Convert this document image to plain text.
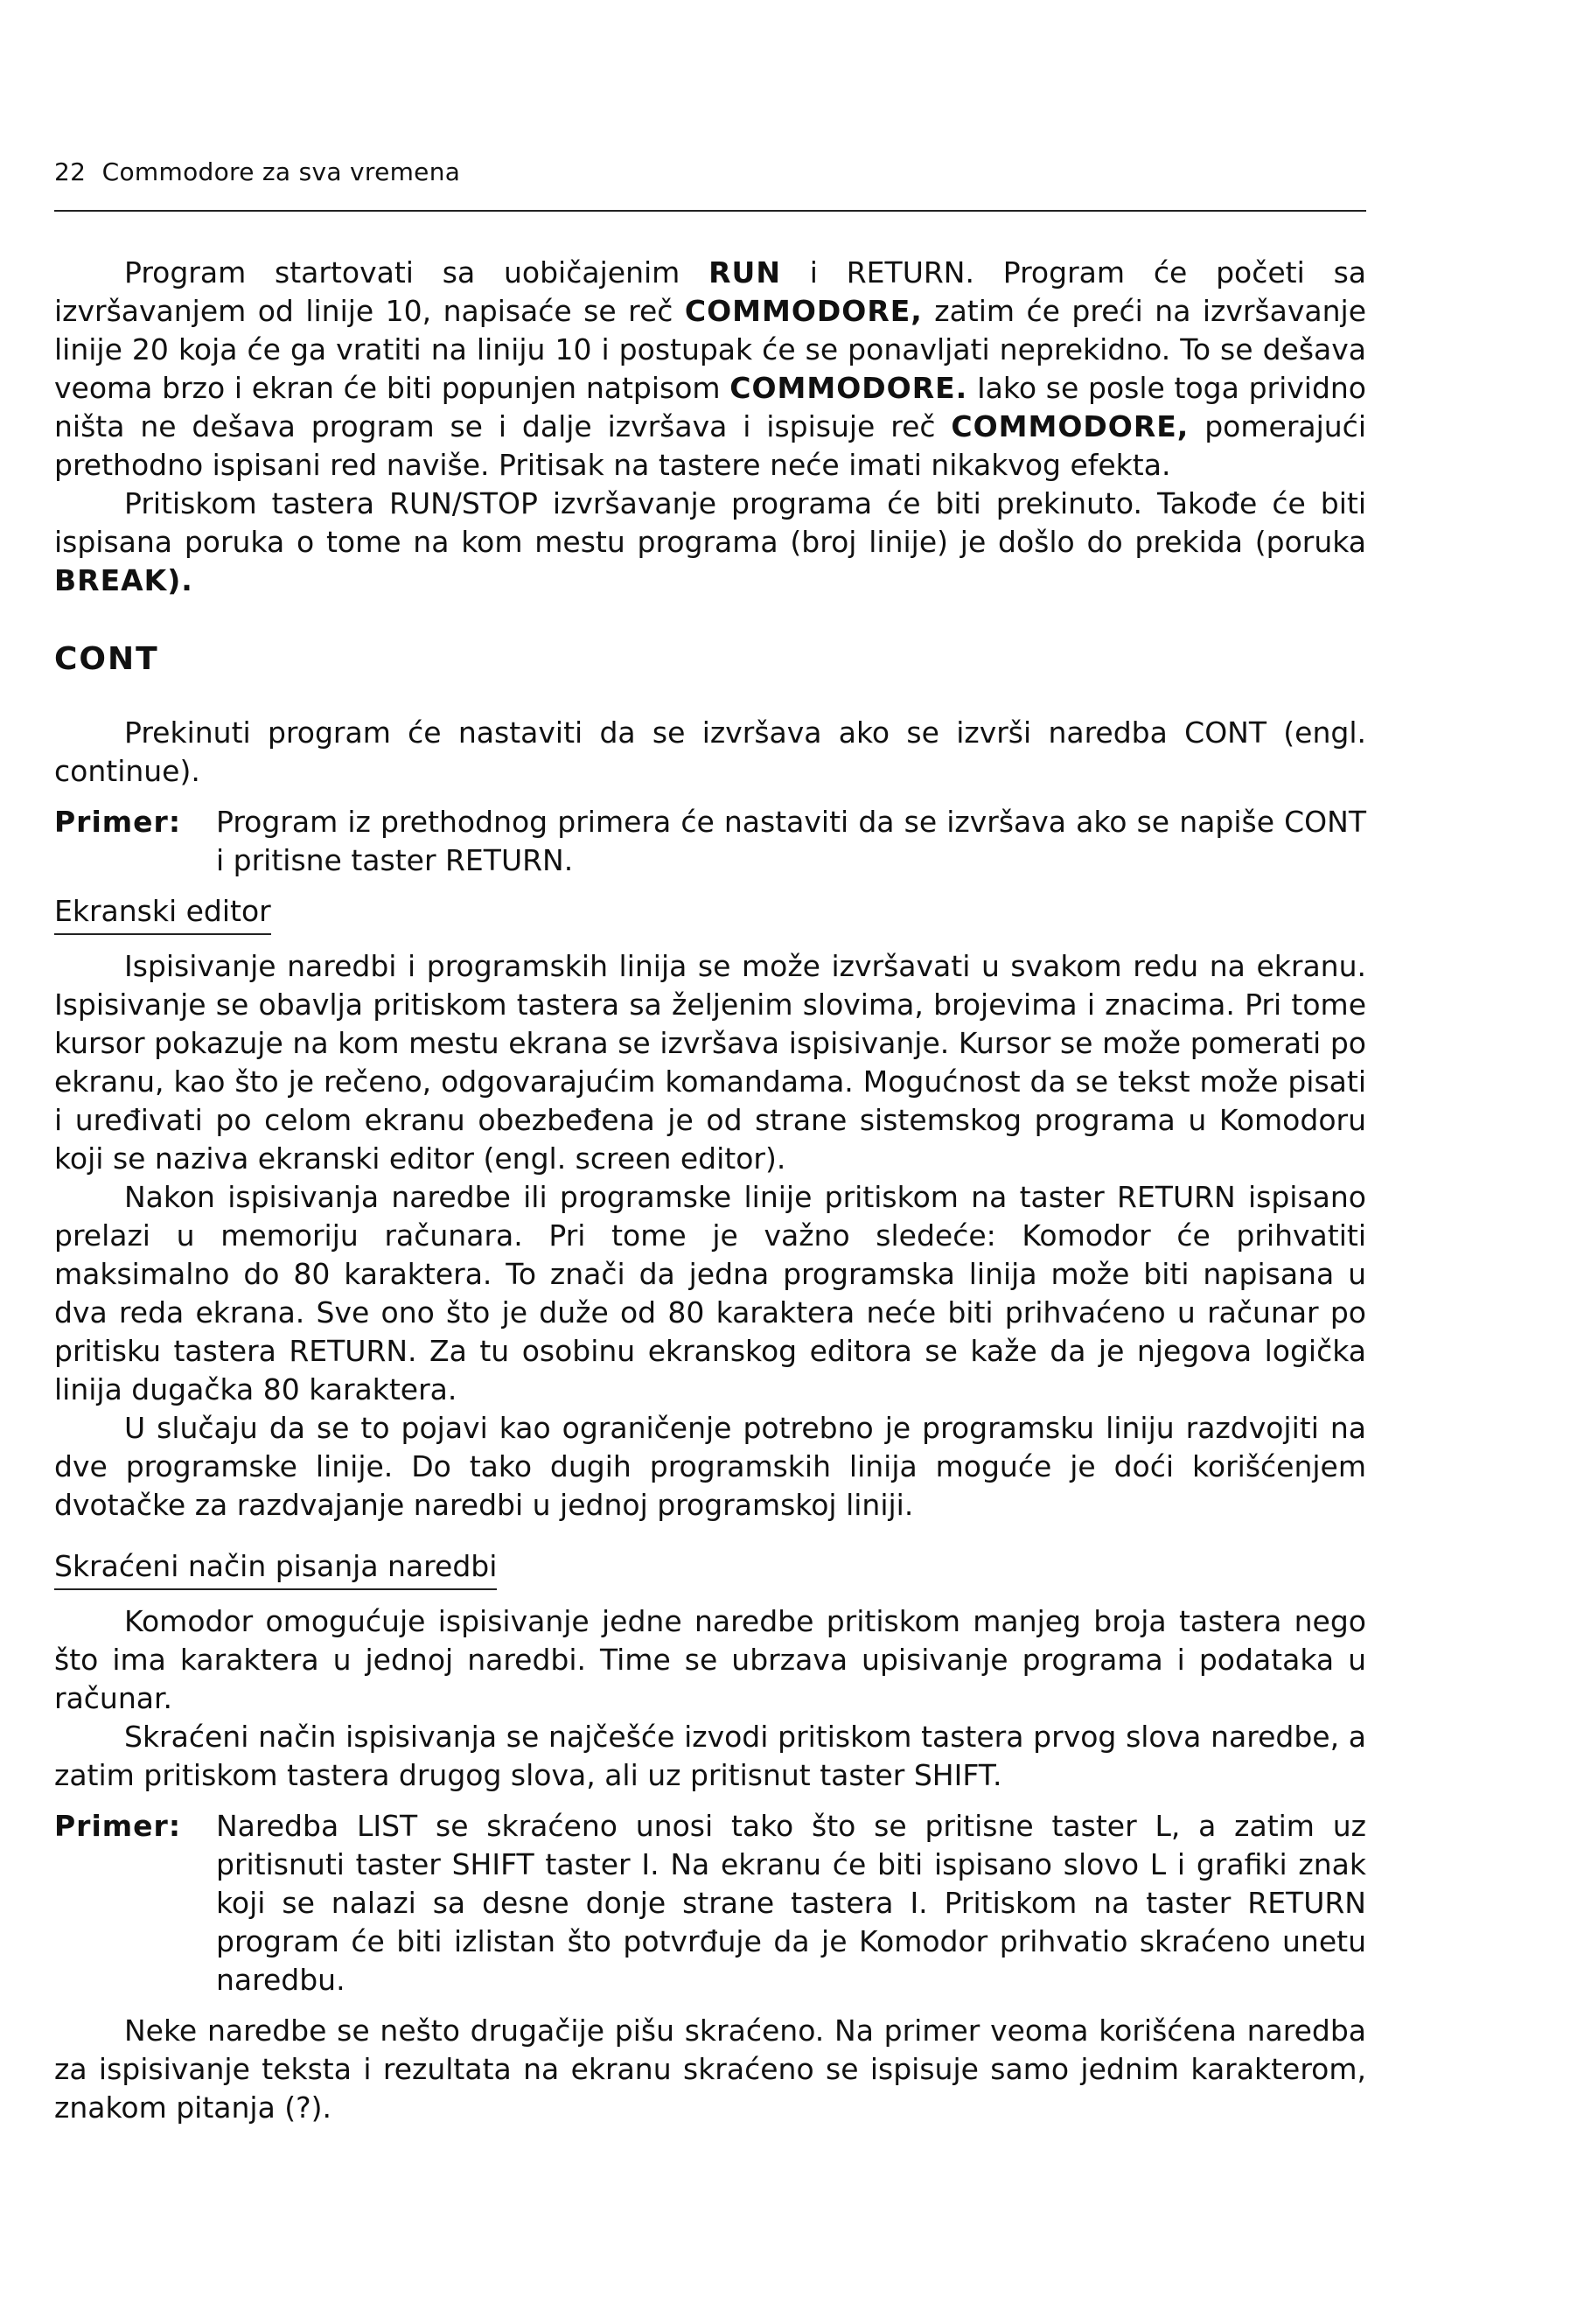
22 Commodore za sva vremena

Program startovati sa uobičajenim RUN i RETURN. Program će početi sa izvršavanjem od linije 10, napisaće se reč COMMODORE, zatim će preći na izvršavanje linije 20 koja će ga vratiti na liniju 10 i postupak će se ponavljati neprekidno. To se dešava veoma brzo i ekran će biti popunjen natpisom COMMODORE. Iako se posle toga prividno ništa ne dešava program se i dalje izvršava i ispisuje reč COMMODORE, pomerajući prethodno ispisani red naviše. Pritisak na tastere neće imati nikakvog efekta.

Pritiskom tastera RUN/STOP izvršavanje programa će biti prekinuto. Takođe će biti ispisana poruka o tome na kom mestu programa (broj linije) je došlo do prekida (poruka BREAK).

CONT

Prekinuti program će nastaviti da se izvršava ako se izvrši naredba CONT (engl. continue).

Primer:	Program iz prethodnog primera će nastaviti da se izvršava ako se napiše CONT i pritisne taster RETURN.
Ekranski editor

Ispisivanje naredbi i programskih linija se može izvršavati u svakom redu na ekranu. Ispisivanje se obavlja pritiskom tastera sa željenim slovima, brojevima i znacima. Pri tome kursor pokazuje na kom mestu ekrana se izvršava ispisivanje. Kursor se može pomerati po ekranu, kao što je rečeno, odgovarajućim komandama. Mogućnost da se tekst može pisati i uređivati po celom ekranu obezbeđena je od strane sistemskog programa u Komodoru koji se naziva ekranski editor (engl. screen editor).

Nakon ispisivanja naredbe ili programske linije pritiskom na taster RETURN ispisano prelazi u memoriju računara. Pri tome je važno sledeće: Komodor će prihvatiti maksimalno do 80 karaktera. To znači da jedna programska linija može biti napisana u dva reda ekrana. Sve ono što je duže od 80 karaktera neće biti prihvaćeno u računar po pritisku tastera RETURN. Za tu osobinu ekranskog editora se kaže da je njegova logička linija dugačka 80 karaktera.

U slučaju da se to pojavi kao ograničenje potrebno je programsku liniju razdvojiti na dve programske linije. Do tako dugih programskih linija moguće je doći korišćenjem dvotačke za razdvajanje naredbi u jednoj programskoj liniji.

Skraćeni način pisanja naredbi

Komodor omogućuje ispisivanje jedne naredbe pritiskom manjeg broja tastera nego što ima karaktera u jednoj naredbi. Time se ubrzava upisivanje programa i podataka u računar.

Skraćeni način ispisivanja se najčešće izvodi pritiskom tastera prvog slova naredbe, a zatim pritiskom tastera drugog slova, ali uz pritisnut taster SHIFT.

Primer:	Naredba LIST se skraćeno unosi tako što se pritisne taster L, a zatim uz pritisnuti taster SHIFT taster I. Na ekranu će biti ispisano slovo L i grafiki znak koji se nalazi sa desne donje strane tastera I. Pritiskom na taster RETURN program će biti izlistan što potvrđuje da je Komodor prihvatio skraćeno unetu naredbu.

Neke naredbe se nešto drugačije pišu skraćeno. Na primer veoma korišćena naredba za ispisivanje teksta i rezultata na ekranu skraćeno se ispisuje samo jednim karakterom, znakom pitanja (?).
